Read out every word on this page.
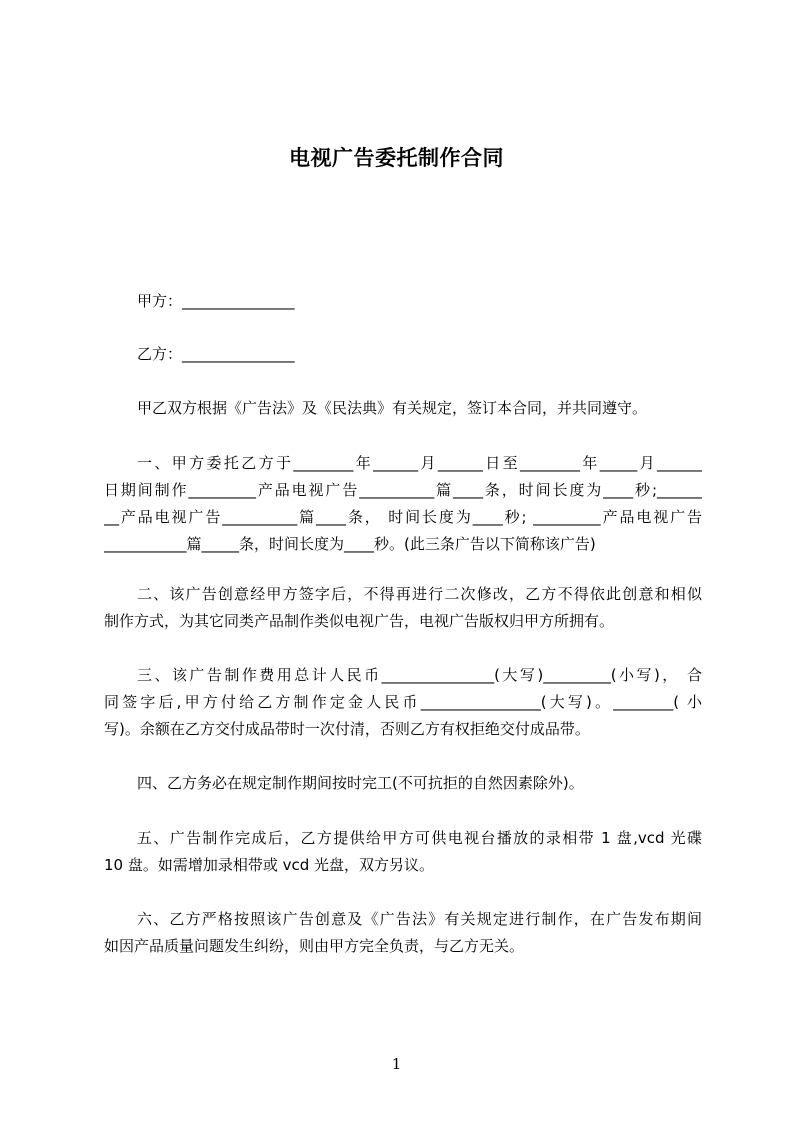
电视广告委托制作合同
甲方：_______________
乙方：_______________
甲乙双方根据《广告法》及《民法典》有关规定，签订本合同，并共同遵守。
一、甲方委托乙方于________年______月______日至________年_____月______
日期间制作_________产品电视广告__________篇____条，时间长度为____秒;______
__产品电视广告__________篇____条， 时间长度为____秒; _________产品电视广告
___________篇_____条，时间长度为____秒。(此三条广告以下简称该广告)
二、该广告创意经甲方签字后，不得再进行二次修改，乙方不得依此创意和相似
制作方式，为其它同类产品制作类似电视广告，电视广告版权归甲方所拥有。
三、该广告制作费用总计人民币_______________(大写)_________(小写)， 合
同签字后,甲方付给乙方制作定金人民币________________(大写)。________( 小
写)。余额在乙方交付成品带时一次付清，否则乙方有权拒绝交付成品带。
四、乙方务必在规定制作期间按时完工(不可抗拒的自然因素除外)。
五、广告制作完成后，乙方提供给甲方可供电视台播放的录相带 1 盘,vcd 光碟
10 盘。如需增加录相带或 vcd 光盘，双方另议。
六、乙方严格按照该广告创意及《广告法》有关规定进行制作，在广告发布期间
如因产品质量问题发生纠纷，则由甲方完全负责，与乙方无关。
1
